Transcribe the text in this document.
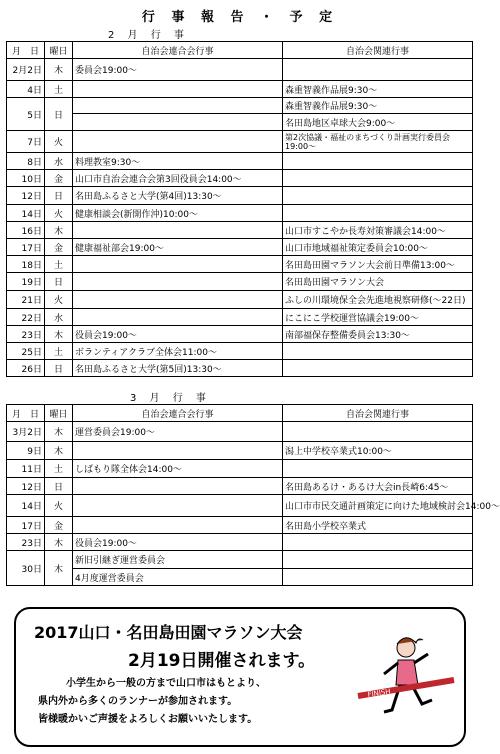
行 事 報 告 ・ 予 定
2 月 行 事
月　日	曜日	自治会連合会行事	自治会関連行事
2月2日	木	委員会19:00〜	
4日	土		森重智義作品展9:30〜
5日	日		森重智義作品展9:30〜
			名田島地区卓球大会9:00〜
7日	火		第2次協議・福祉のまちづくり計画実行委員会19:00〜
8日	水	料理教室9:30〜	
10日	金	山口市自治会連合会第3回役員会14:00〜	
12日	日	名田島ふるさと大学(第4回)13:30〜	
14日	火	健康相談会(新開作沖)10:00〜	
16日	木		山口市すこやか長寿対策審議会14:00〜
17日	金	健康福祉部会19:00〜	山口市地域福祉策定委員会10:00〜
18日	土		名田島田園マラソン大会前日準備13:00〜
19日	日		名田島田園マラソン大会
21日	火		ふしの川環境保全会先進地視察研修(〜22日)
22日	水		にこにこ学校運営協議会19:00〜
23日	木	役員会19:00〜	南部福保存整備委員会13:30〜
25日	土	ボランティアクラブ全体会11:00〜	
26日	日	名田島ふるさと大学(第5回)13:30〜	
3 月 行 事
月　日	曜日	自治会連合会行事	自治会関連行事
3月2日	木	運営委員会19:00〜	
9日	木		潟上中学校卒業式10:00〜
11日	土	しばもり隊全体会14:00〜	
12日	日		名田島あるけ・あるけ大会in長崎6:45〜
14日	火		山口市市民交通計画策定に向けた地域検討会14:00〜
17日	金		名田島小学校卒業式
23日	木	役員会19:00〜	
30日	木	新旧引継ぎ運営委員会	
		4月度運営委員会	
2017山口・名田島田園マラソン大会
2月19日開催されます。
小学生から一般の方まで山口市はもとより、
県内外から多くのランナーが参加されます。
皆様暖かいご声援をよろしくお願いいたします。
FINISH
